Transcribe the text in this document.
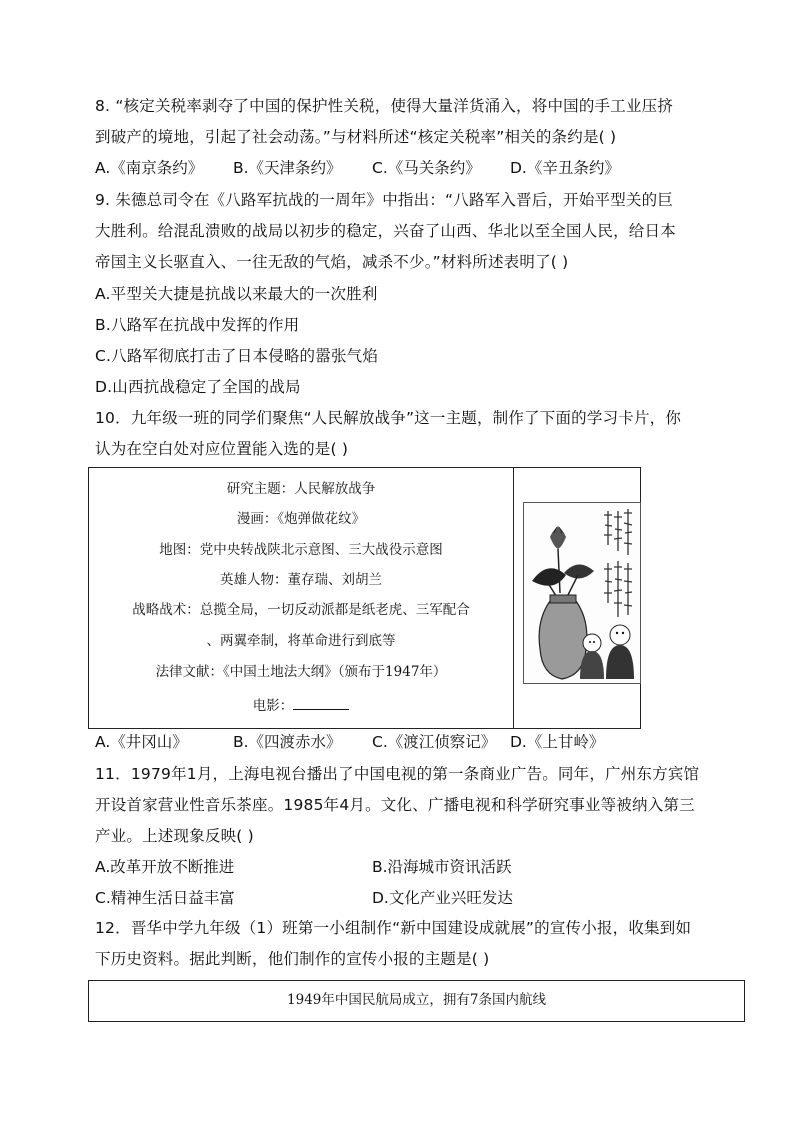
8. “核定关税率剥夺了中国的保护性关税，使得大量洋货涌入，将中国的手工业压挤
到破产的境地，引起了社会动荡。”与材料所述“核定关税率”相关的条约是( )
A.《南京条约》 B.《天津条约》 C.《马关条约》 D.《辛丑条约》
9. 朱德总司令在《八路军抗战的一周年》中指出：“八路军入晋后，开始平型关的巨
大胜利。给混乱溃败的战局以初步的稳定，兴奋了山西、华北以至全国人民，给日本
帝国主义长驱直入、一往无敌的气焰，减杀不少。”材料所述表明了( )
A.平型关大捷是抗战以来最大的一次胜利
B.八路军在抗战中发挥的作用
C.八路军彻底打击了日本侵略的嚣张气焰
D.山西抗战稳定了全国的战局
10．九年级一班的同学们聚焦“人民解放战争”这一主题，制作了下面的学习卡片，你
认为在空白处对应位置能入选的是( )
研究主题：人民解放战争
漫画：《炮弹做花纹》
地图：党中央转战陕北示意图、三大战役示意图
英雄人物：董存瑞、刘胡兰
战略战术：总揽全局，一切反动派都是纸老虎、三军配合
、两翼牵制，将革命进行到底等
法律文献：《中国土地法大纲》（颁布于1947年）
电影：
A.《井冈山》	B.《四渡赤水》 C.《渡江侦察记》 D.《上甘岭》
11．1979年1月，上海电视台播出了中国电视的第一条商业广告。同年，广州东方宾馆
开设首家营业性音乐茶座。1985年4月。文化、广播电视和科学研究事业等被纳入第三
产业。上述现象反映( )
A.改革开放不断推进	B.沿海城市资讯活跃
C.精神生活日益丰富	D.文化产业兴旺发达
12．晋华中学九年级（1）班第一小组制作“新中国建设成就展”的宣传小报，收集到如
下历史资料。据此判断，他们制作的宣传小报的主题是( )
1949年中国民航局成立，拥有7条国内航线
